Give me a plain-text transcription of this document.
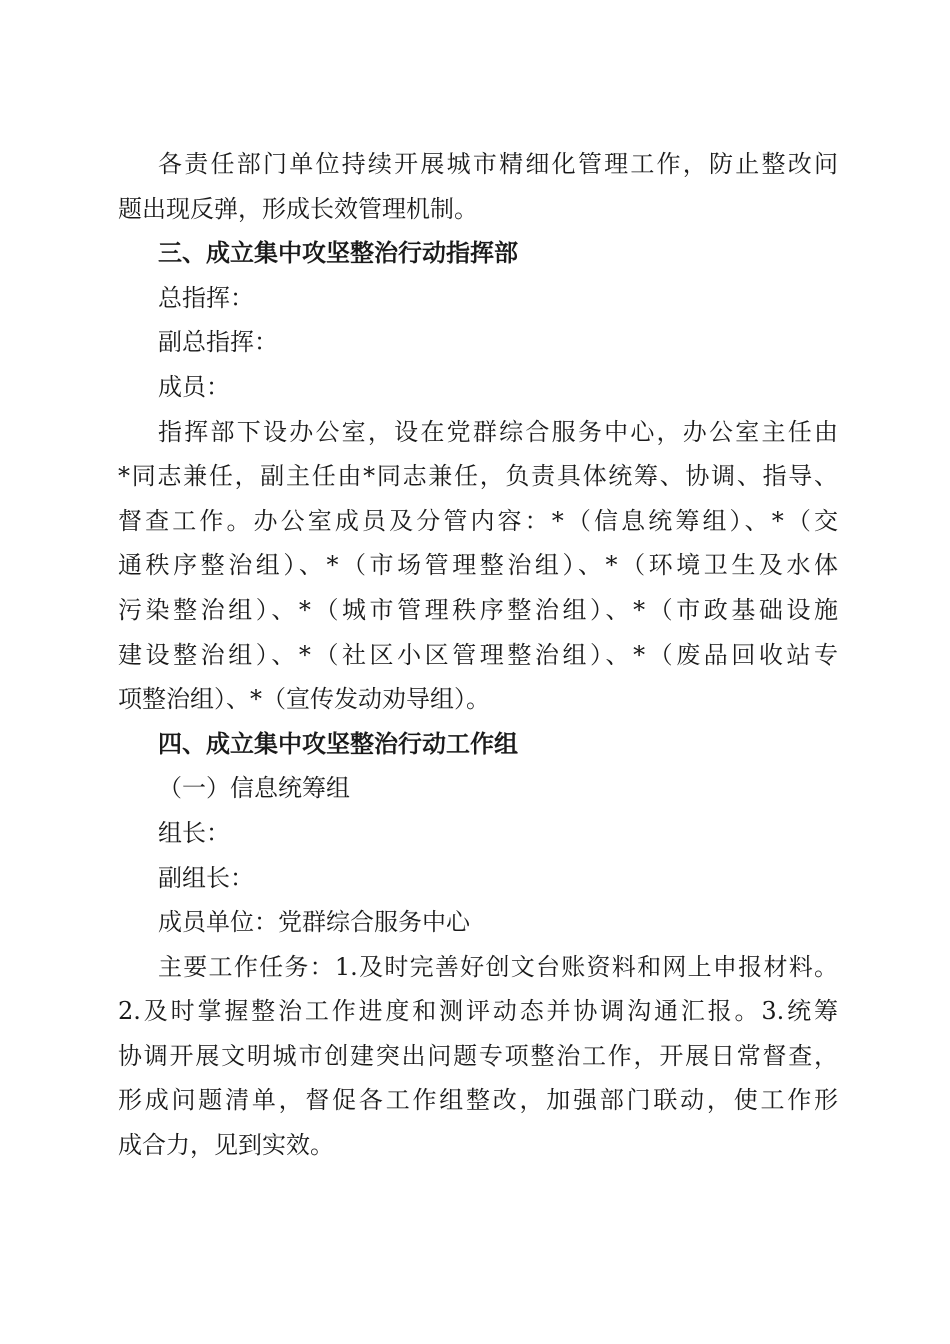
各责任部门单位持续开展城市精细化管理工作，防止整改问
题出现反弹，形成长效管理机制。
三、成立集中攻坚整治行动指挥部
总指挥：
副总指挥：
成员：
指挥部下设办公室，设在党群综合服务中心，办公室主任由
*同志兼任，副主任由*同志兼任，负责具体统筹、协调、指导、
督查工作。办公室成员及分管内容：*（信息统筹组）、*（交
通秩序整治组）、*（市场管理整治组）、*（环境卫生及水体
污染整治组）、*（城市管理秩序整治组）、*（市政基础设施
建设整治组）、*（社区小区管理整治组）、*（废品回收站专
项整治组）、*（宣传发动劝导组）。
四、成立集中攻坚整治行动工作组
（一）信息统筹组
组长：
副组长：
成员单位：党群综合服务中心
主要工作任务：1.及时完善好创文台账资料和网上申报材料。
2.及时掌握整治工作进度和测评动态并协调沟通汇报。3.统筹
协调开展文明城市创建突出问题专项整治工作，开展日常督查，
形成问题清单，督促各工作组整改，加强部门联动，使工作形
成合力，见到实效。
